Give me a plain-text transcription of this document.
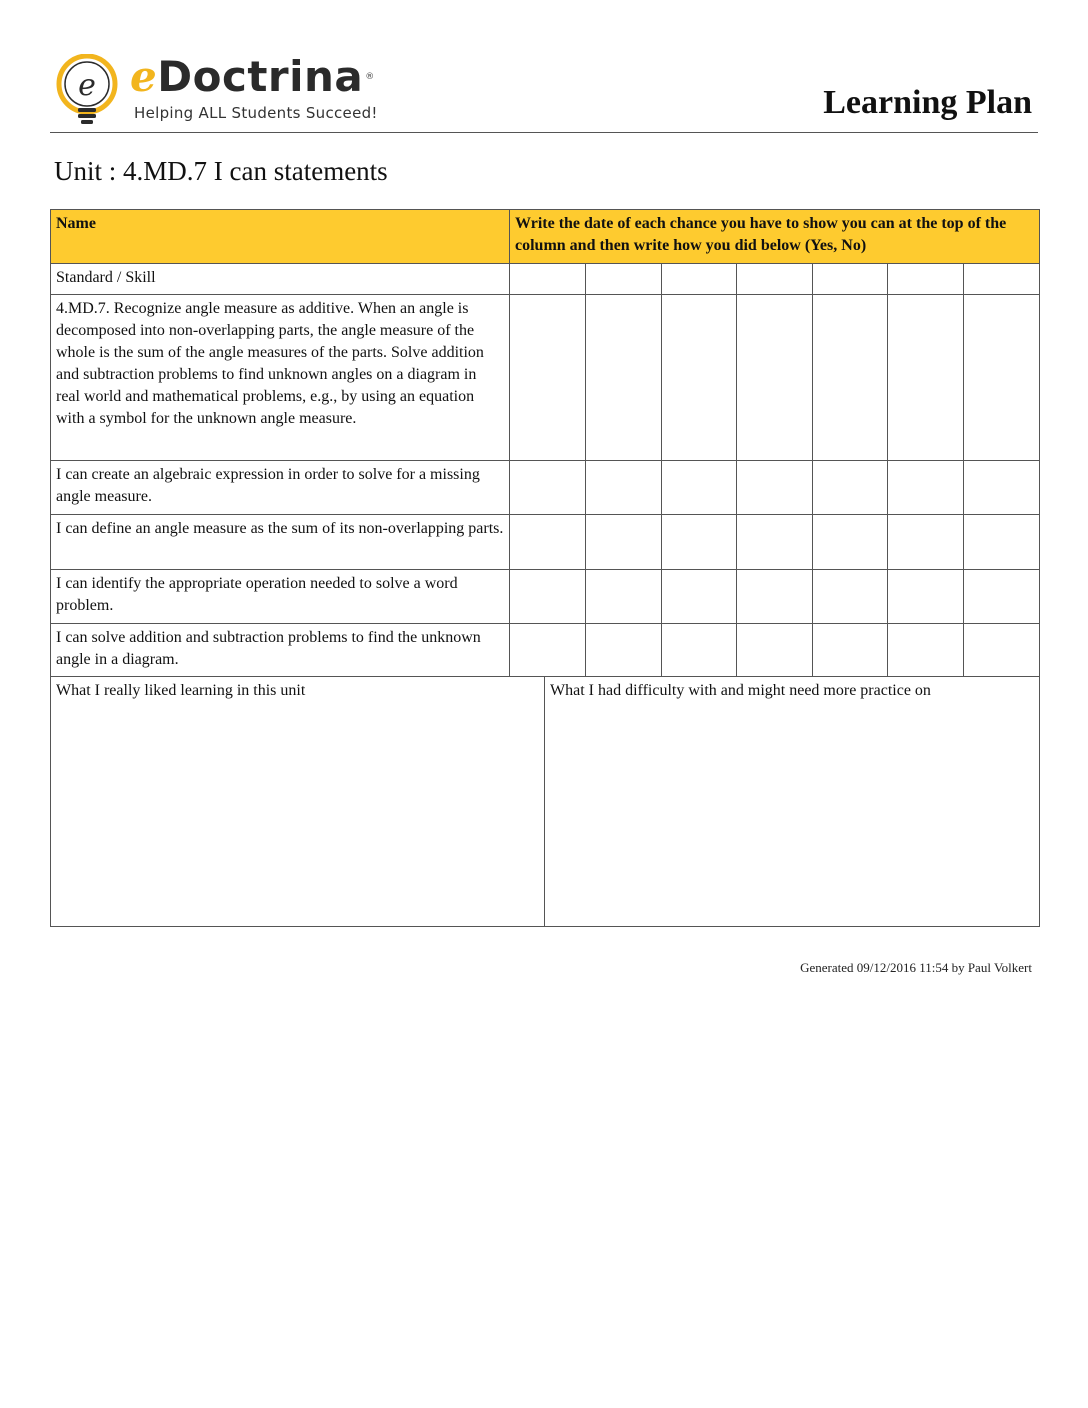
e eDoctrina ®
Helping ALL Students Succeed!	Learning Plan
Unit : 4.MD.7 I can statements
Name	Write the date of each chance you have to show you can at the top of the column and then write how you did below (Yes, No)						
Standard / Skill							
4.MD.7. Recognize angle measure as additive. When an angle is decomposed into non-overlapping parts, the angle measure of the whole is the sum of the angle measures of the parts. Solve addition and subtraction problems to find unknown angles on a diagram in real world and mathematical problems, e.g., by using an equation with a symbol for the unknown angle measure.							
I can create an algebraic expression in order to solve for a missing angle measure.							
I can define an angle measure as the sum of its non-overlapping parts.							
I can identify the appropriate operation needed to solve a word problem.							
I can solve addition and subtraction problems to find the unknown angle in a diagram.							
What I really liked learning in this unit	What I had difficulty with and might need more practice on
Generated 09/12/2016 11:54 by Paul Volkert
